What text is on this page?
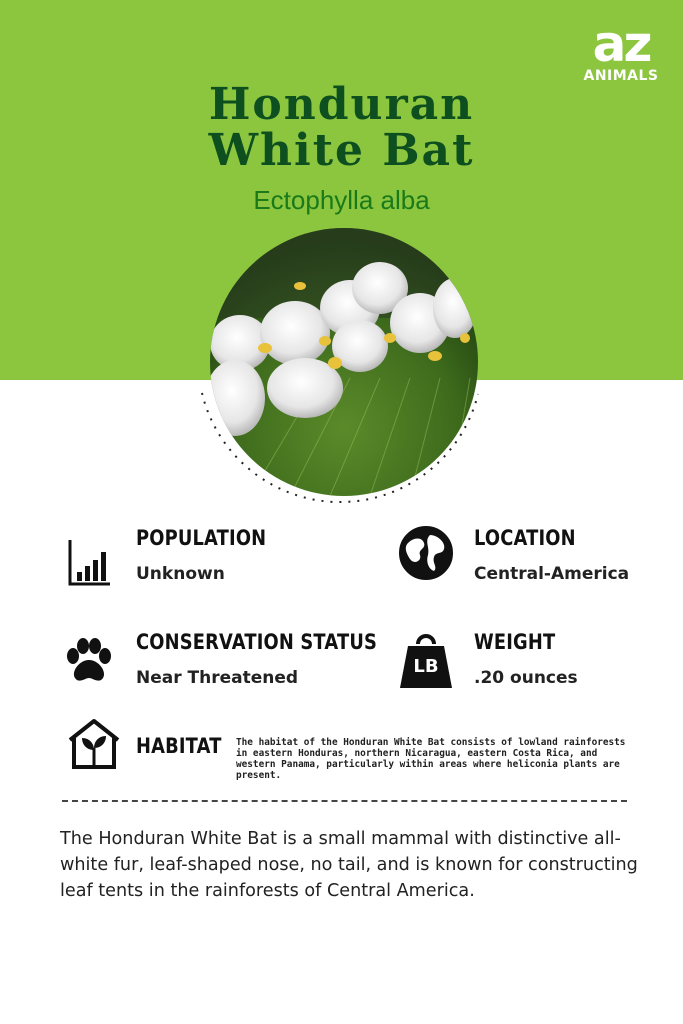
az
ANIMALS
Honduran
White Bat
Ectophylla alba
POPULATION
Unknown
LOCATION
Central-America
CONSERVATION STATUS
Near Threatened
LB
WEIGHT
.20 ounces
HABITAT The habitat of the Honduran White Bat consists of lowland rainforests in eastern Honduras, northern Nicaragua, eastern Costa Rica, and western Panama, particularly within areas where heliconia plants are present.
The Honduran White Bat is a small mammal with distinctive all-white fur, leaf-shaped nose, no tail, and is known for constructing leaf tents in the rainforests of Central America.
